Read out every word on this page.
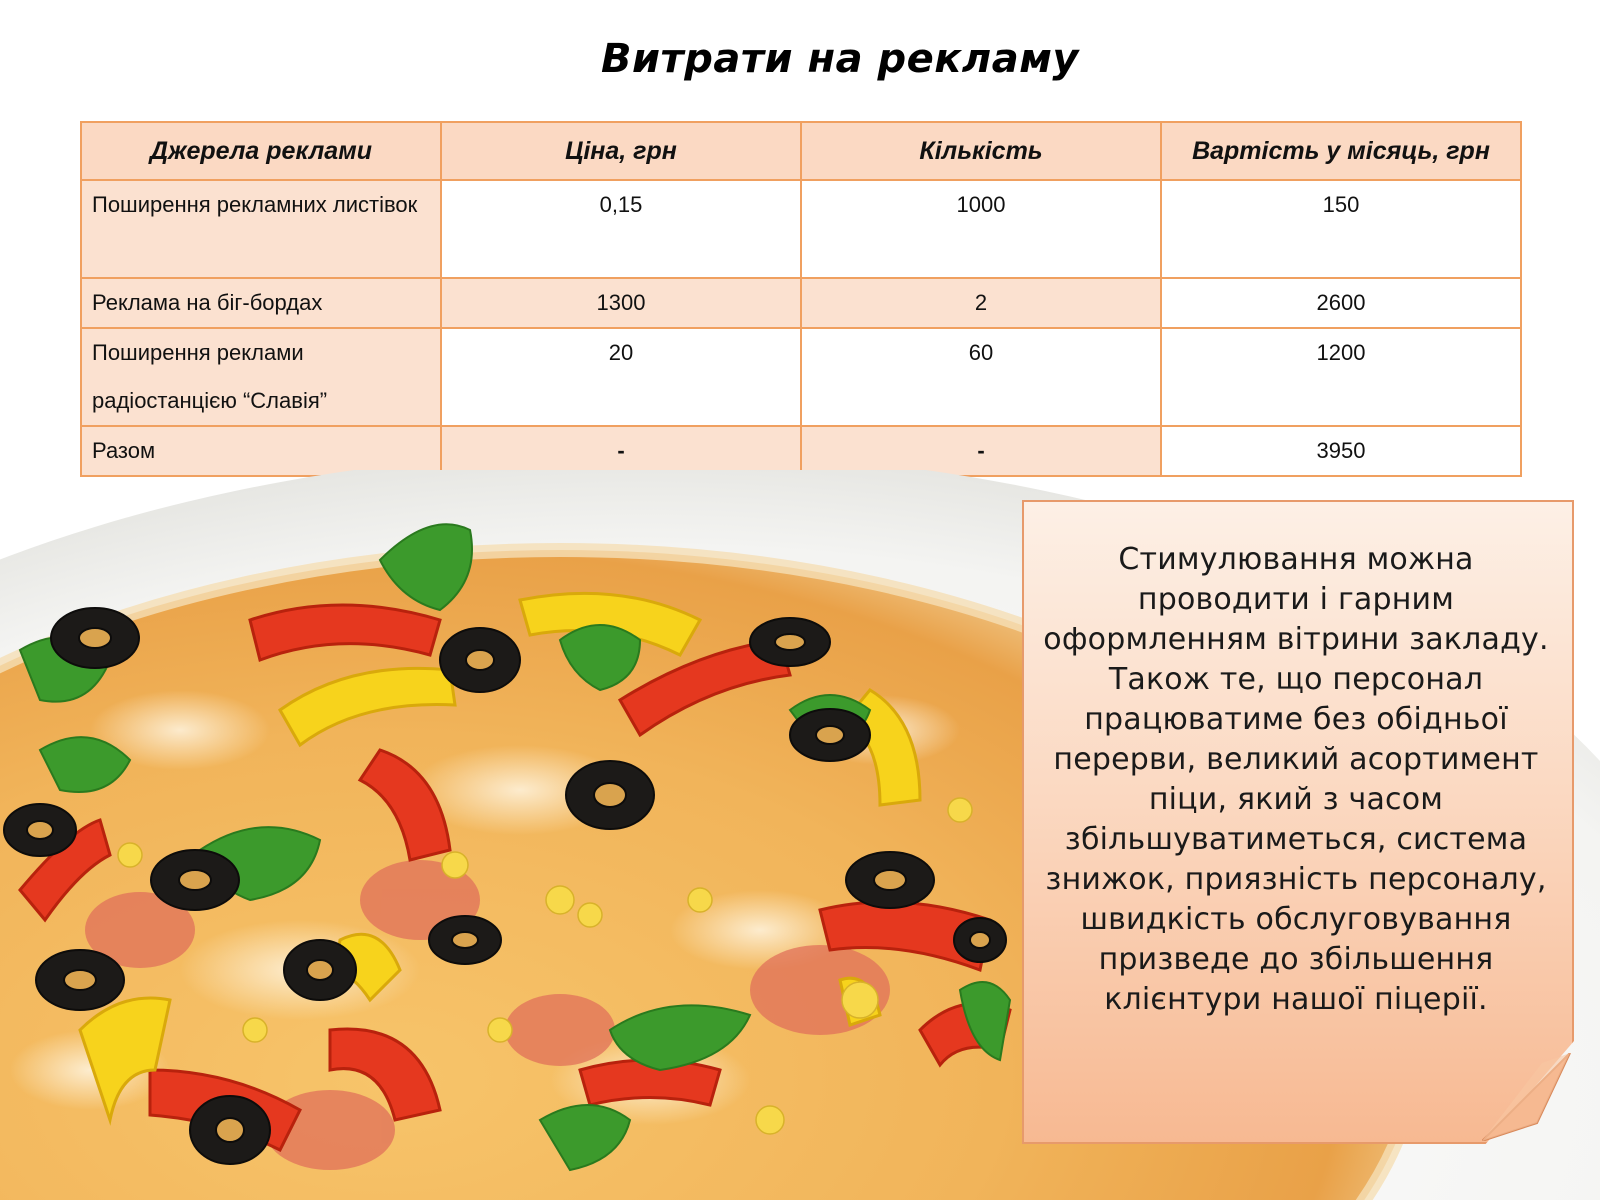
Витрати на рекламу
Джерела реклами	Ціна, грн	Кількість	Вартість у місяць, грн
Поширення рекламних листівок	0,15	1000	150
Реклама на біг-бордах	1300	2	2600
Поширення реклами радіостанцією “Славія”	20	60	1200
Разом	-	-	3950

Стимулювання можна проводити і гарним оформленням вітрини закладу. Також те, що персонал працюватиме без обідньої перерви, великий асортимент піци, який з часом збільшуватиметься, система знижок, приязність персоналу, швидкість обслуговування призведе до збільшення клієнтури нашої піцерії.
